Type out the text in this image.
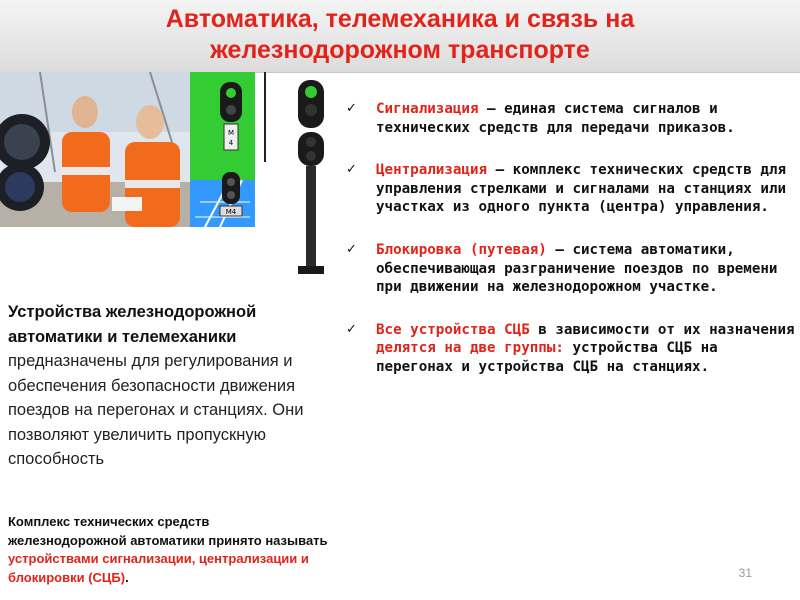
Автоматика, телемеханика и связь на
железнодорожном транспорте
M
4
M4
Устройства железнодорожной автоматики и телемеханики предназначены для регулирования и обеспечения безопасности движения поездов на перегонах и станциях. Они позволяют увеличить пропускную способность
Комплекс технических средств железнодорожной автоматики принято называть устройствами сигнализации, централизации и блокировки (СЦБ).
✓ Сигнализация — единая система сигналов и технических средств для передачи приказов.
✓ Централизация — комплекс технических средств для управления стрелками и сигналами на станциях или участках из одного пункта (центра) управления.
✓ Блокировка (путевая) — система автоматики, обеспечивающая разграничение поездов по времени при движении на железнодорожном участке.
✓ Все устройства СЦБ в зависимости от их назначения делятся на две группы: устройства СЦБ на перегонах и устройства СЦБ на станциях.
31
